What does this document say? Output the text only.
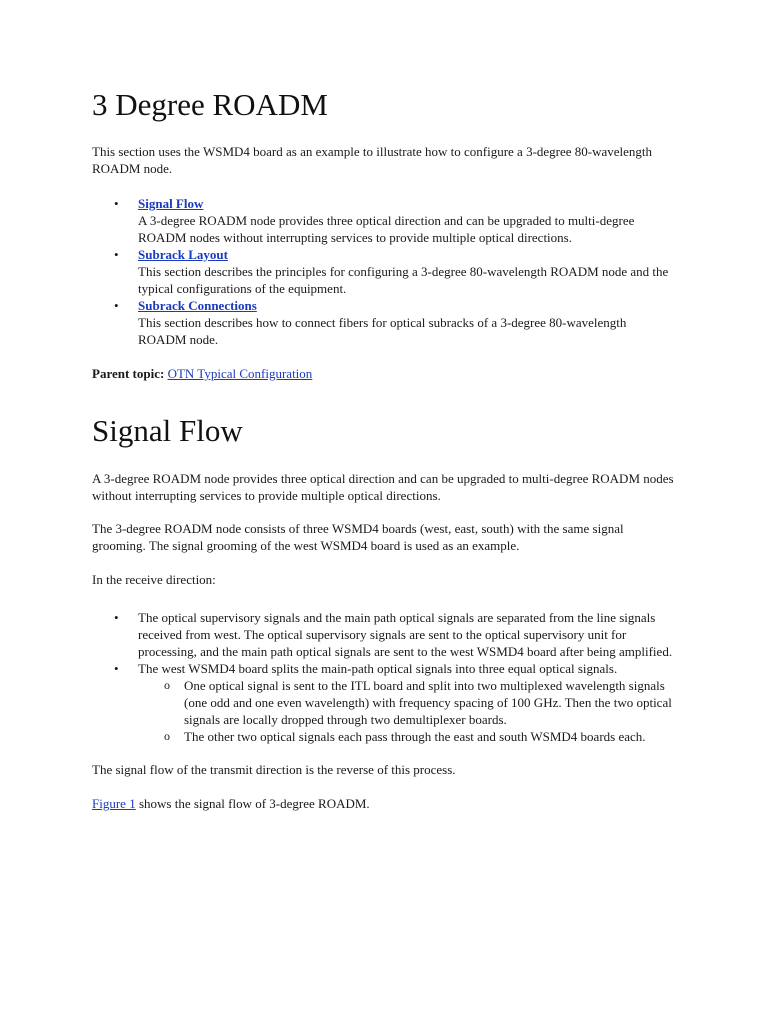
3 Degree ROADM

This section uses the WSMD4 board as an example to illustrate how to configure a 3-degree 80-wavelength ROADM node.

• Signal Flow
A 3-degree ROADM node provides three optical direction and can be upgraded to multi-degree ROADM nodes without interrupting services to provide multiple optical directions.
• Subrack Layout
This section describes the principles for configuring a 3-degree 80-wavelength ROADM node and the typical configurations of the equipment.
• Subrack Connections
This section describes how to connect fibers for optical subracks of a 3-degree 80-wavelength ROADM node.

Parent topic: OTN Typical Configuration

Signal Flow

A 3-degree ROADM node provides three optical direction and can be upgraded to multi-degree ROADM nodes without interrupting services to provide multiple optical directions.

The 3-degree ROADM node consists of three WSMD4 boards (west, east, south) with the same signal grooming. The signal grooming of the west WSMD4 board is used as an example.

In the receive direction:

• The optical supervisory signals and the main path optical signals are separated from the line signals received from west. The optical supervisory signals are sent to the optical supervisory unit for processing, and the main path optical signals are sent to the west WSMD4 board after being amplified.
• The west WSMD4 board splits the main-path optical signals into three equal optical signals.
o One optical signal is sent to the ITL board and split into two multiplexed wavelength signals (one odd and one even wavelength) with frequency spacing of 100 GHz. Then the two optical signals are locally dropped through two demultiplexer boards.
o The other two optical signals each pass through the east and south WSMD4 boards each.

The signal flow of the transmit direction is the reverse of this process.

Figure 1 shows the signal flow of 3-degree ROADM.
